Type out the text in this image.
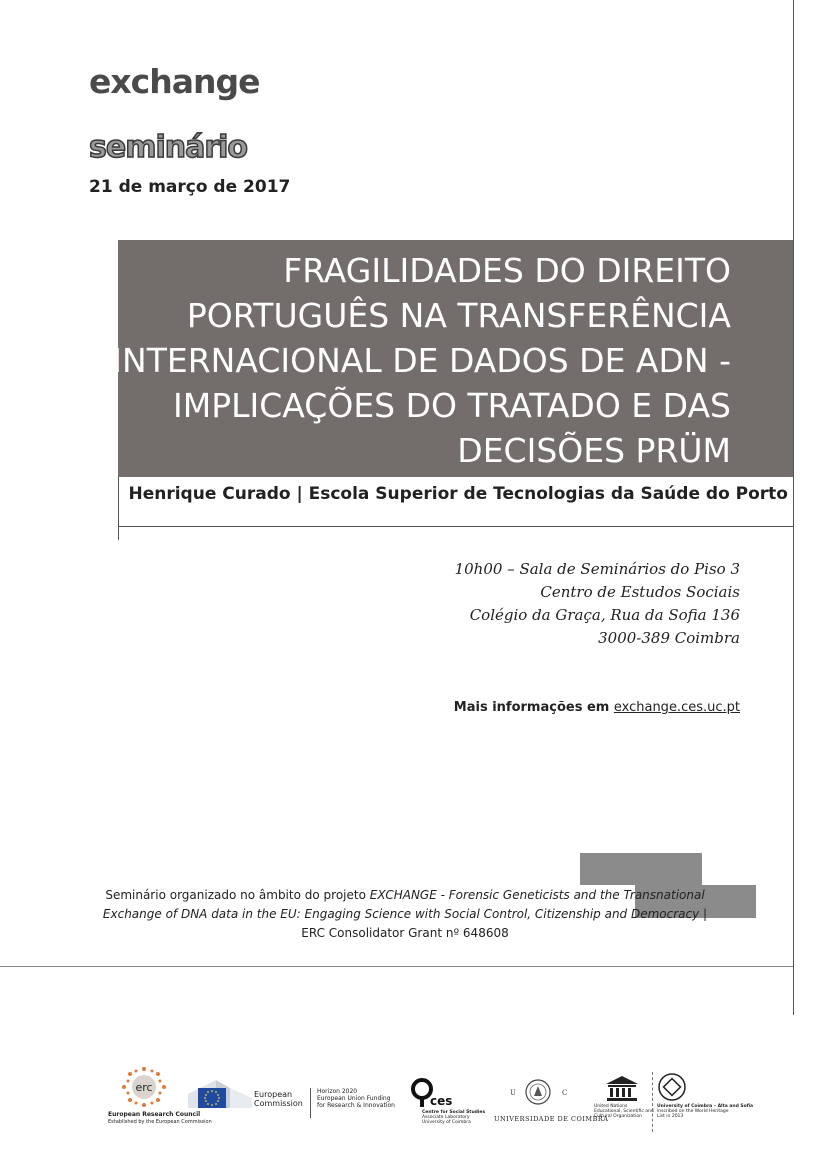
exchange
seminário
21 de março de 2017
FRAGILIDADES DO DIREITO
PORTUGUÊS NA TRANSFERÊNCIA
INTERNACIONAL DE DADOS DE ADN -
IMPLICAÇÕES DO TRATADO E DAS
DECISÕES PRÜM
Henrique Curado | Escola Superior de Tecnologias da Saúde do Porto
10h00 – Sala de Seminários do Piso 3
Centro de Estudos Sociais
Colégio da Graça, Rua da Sofia 136
3000-389 Coimbra
Mais informações em exchange.ces.uc.pt
Seminário organizado no âmbito do projeto EXCHANGE - Forensic Geneticists and the Transnational Exchange of DNA data in the EU: Engaging Science with Social Control, Citizenship and Democracy | ERC Consolidator Grant nº 648608
erc
European Research Council
Established by the European Commission
European
Commission
Horizon 2020
European Union Funding
for Research & Innovation	ces
Centre for Social Studies
Associate Laboratory
University of Coimbra
U	C
UNIVERSIDADE DE COIMBRA
United Nations
Educational, Scientific and
Cultural Organization
University of Coimbra – Alta and Sofia
inscribed on the World Heritage
List in 2013
